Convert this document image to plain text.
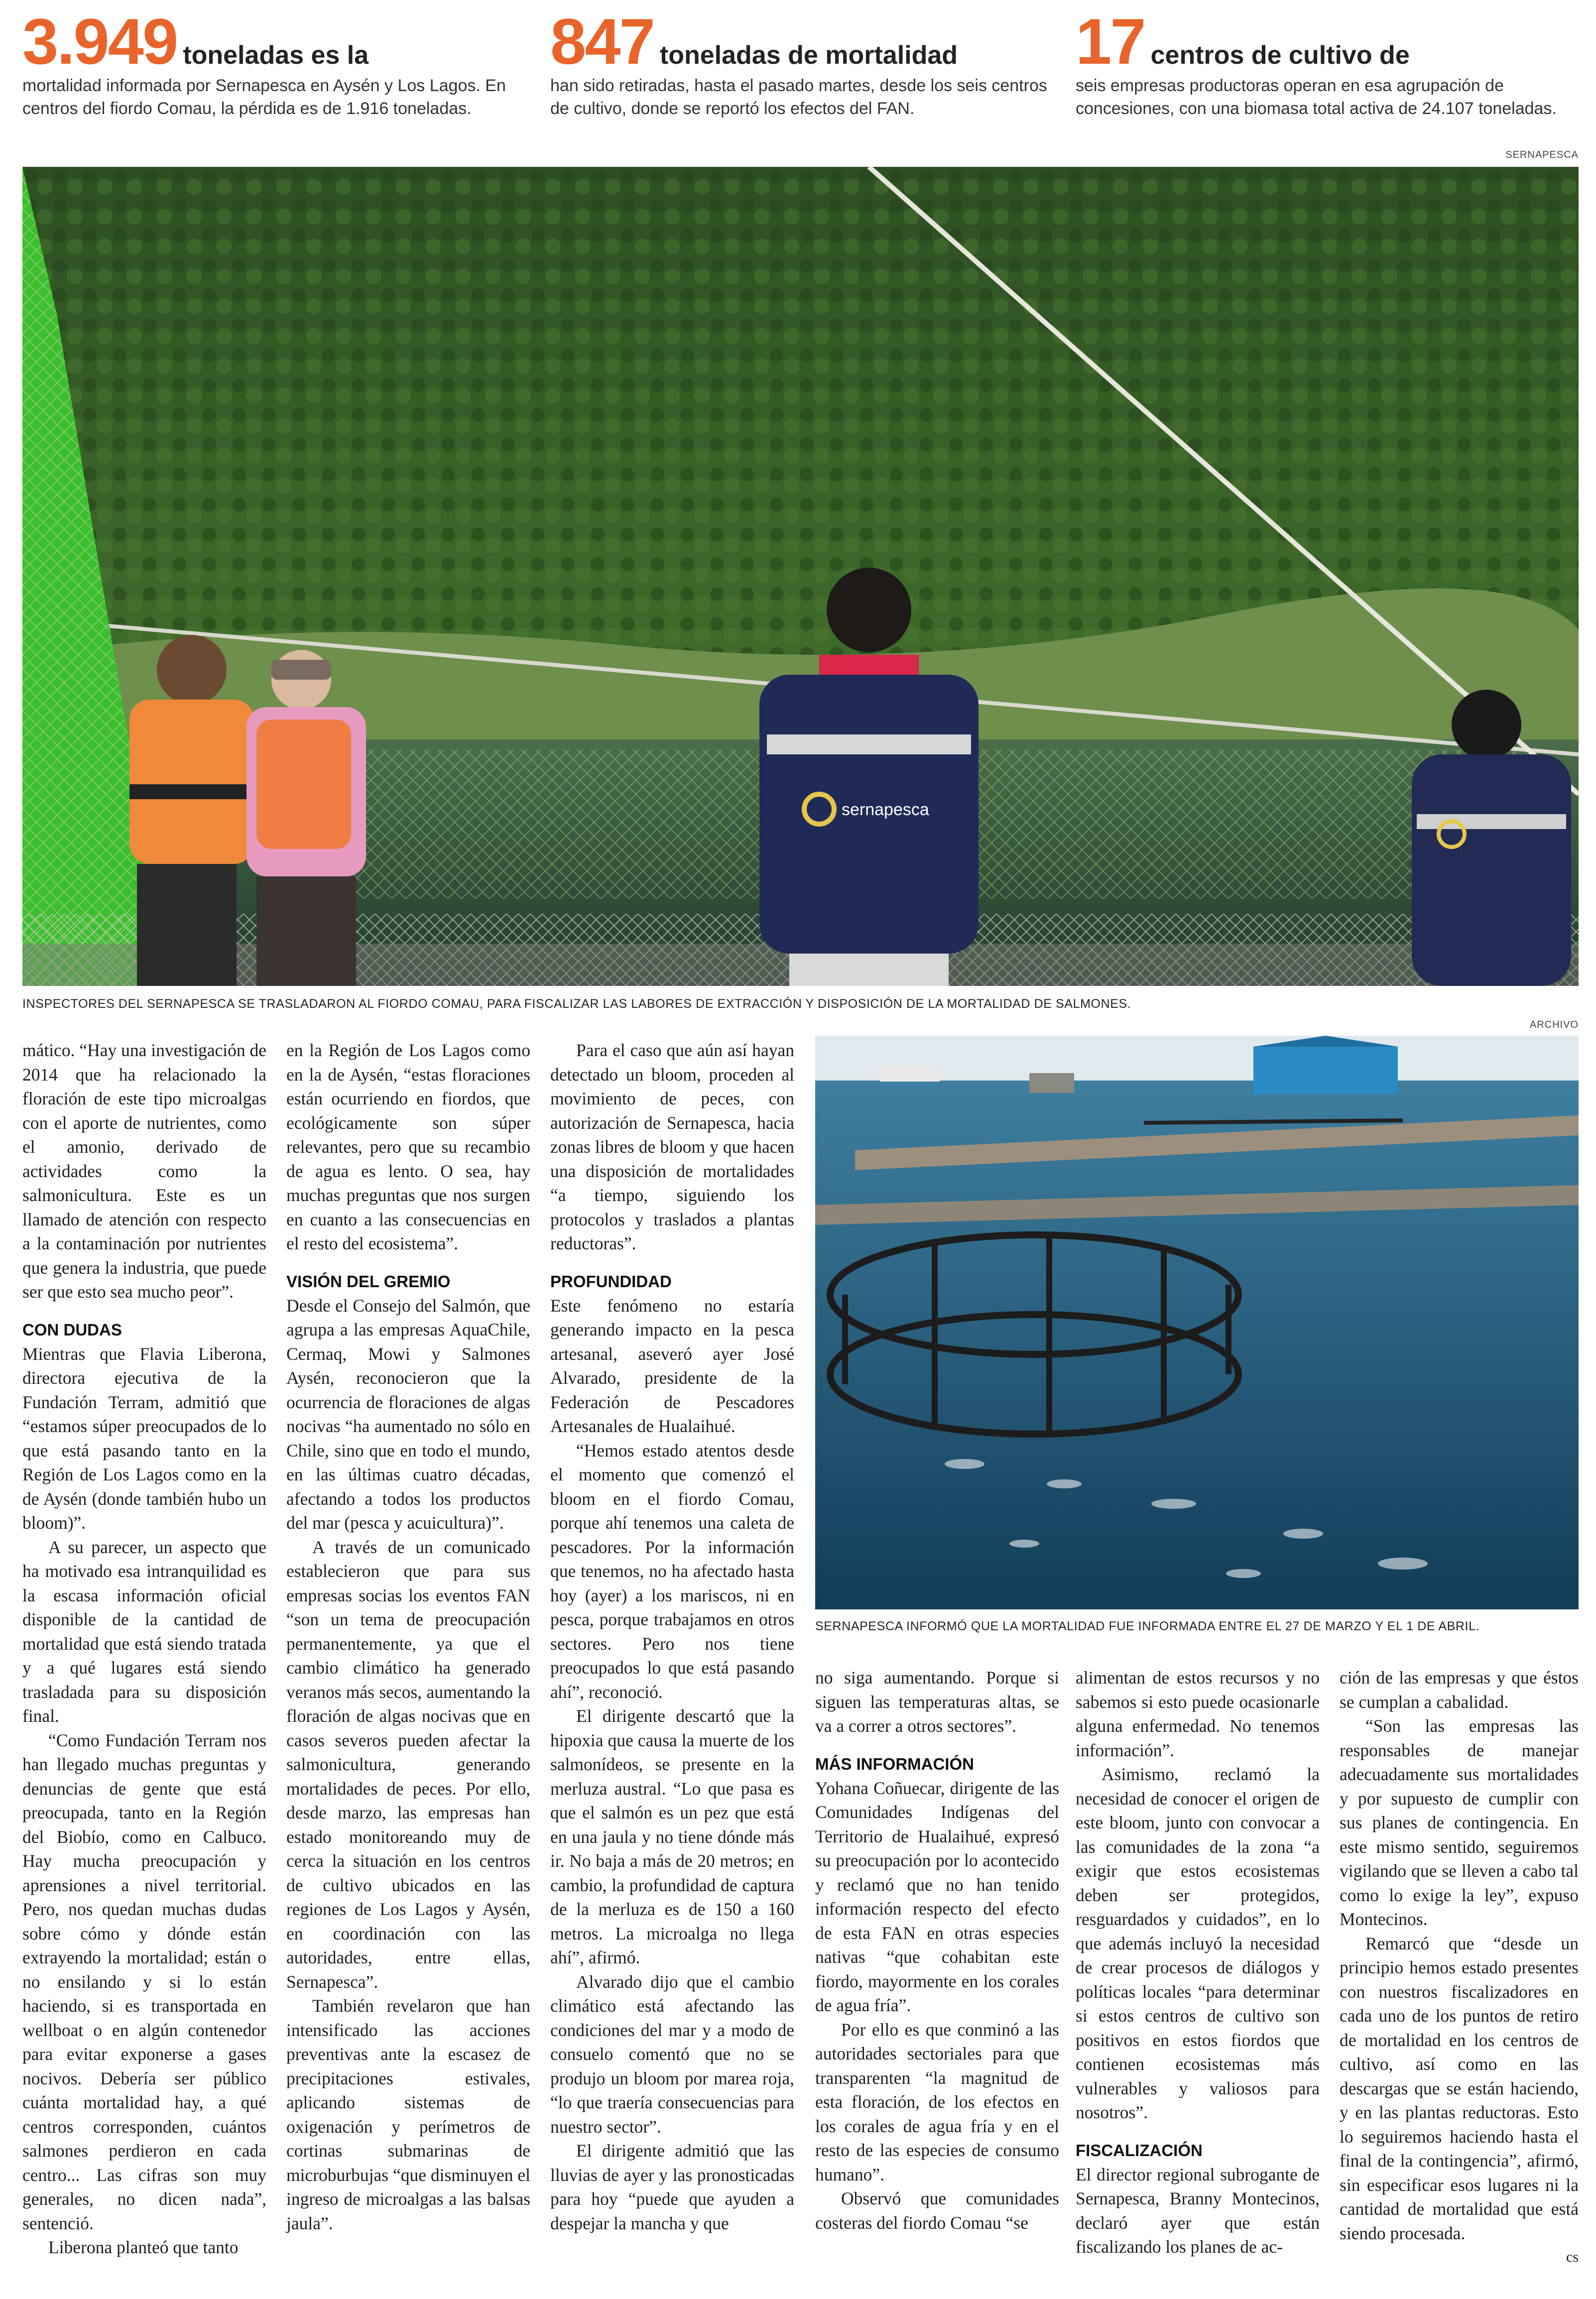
3.949 toneladas es la
mortalidad informada por Sernapesca en Aysén y Los Lagos. En centros del fiordo Comau, la pérdida es de 1.916 toneladas.
847 toneladas de mortalidad
han sido retiradas, hasta el pasado martes, desde los seis centros de cultivo, donde se reportó los efectos del FAN.
17 centros de cultivo de
seis empresas productoras operan en esa agrupación de concesiones, con una biomasa total activa de 24.107 toneladas.
SERNAPESCA
sernapesca
INSPECTORES DEL SERNAPESCA SE TRASLADARON AL FIORDO COMAU, PARA FISCALIZAR LAS LABORES DE EXTRACCIÓN Y DISPOSICIÓN DE LA MORTALIDAD DE SALMONES.
ARCHIVO
SERNAPESCA INFORMÓ QUE LA MORTALIDAD FUE INFORMADA ENTRE EL 27 DE MARZO Y EL 1 DE ABRIL.

mático. “Hay una investigación de 2014 que ha relacionado la floración de este tipo microalgas con el aporte de nutrientes, como el amonio, derivado de actividades como la salmonicultura. Este es un llamado de atención con respecto a la contaminación por nutrientes que genera la industria, que puede ser que esto sea mucho peor”.

CON DUDAS

Mientras que Flavia Liberona, directora ejecutiva de la Fundación Terram, admitió que “estamos súper preocupados de lo que está pasando tanto en la Región de Los Lagos como en la de Aysén (donde también hubo un bloom)”.

A su parecer, un aspecto que ha motivado esa intranquilidad es la escasa información oficial disponible de la cantidad de mortalidad que está siendo tratada y a qué lugares está siendo trasladada para su disposición final.

“Como Fundación Terram nos han llegado muchas preguntas y denuncias de gente que está preocupada, tanto en la Región del Biobío, como en Calbuco. Hay mucha preocupación y aprensiones a nivel territorial. Pero, nos quedan muchas dudas sobre cómo y dónde están extrayendo la mortalidad; están o no ensilando y si lo están haciendo, si es transportada en wellboat o en algún contenedor para evitar exponerse a gases nocivos. Debería ser público cuánta mortalidad hay, a qué centros corresponden, cuántos salmones perdieron en cada centro... Las cifras son muy generales, no dicen nada”, sentenció.

Liberona planteó que tanto

en la Región de Los Lagos como en la de Aysén, “estas floraciones están ocurriendo en fiordos, que ecológicamente son súper relevantes, pero que su recambio de agua es lento. O sea, hay muchas preguntas que nos surgen en cuanto a las consecuencias en el resto del ecosistema”.

VISIÓN DEL GREMIO

Desde el Consejo del Salmón, que agrupa a las empresas AquaChile, Cermaq, Mowi y Salmones Aysén, reconocieron que la ocurrencia de floraciones de algas nocivas “ha aumentado no sólo en Chile, sino que en todo el mundo, en las últimas cuatro décadas, afectando a todos los productos del mar (pesca y acuicultura)”.

A través de un comunicado establecieron que para sus empresas socias los eventos FAN “son un tema de preocupación permanentemente, ya que el cambio climático ha generado veranos más secos, aumentando la floración de algas nocivas que en casos severos pueden afectar la salmonicultura, generando mortalidades de peces. Por ello, desde marzo, las empresas han estado monitoreando muy de cerca la situación en los centros de cultivo ubicados en las regiones de Los Lagos y Aysén, en coordinación con las autoridades, entre ellas, Sernapesca”.

También revelaron que han intensificado las acciones preventivas ante la escasez de precipitaciones estivales, aplicando sistemas de oxigenación y perímetros de cortinas submarinas de microburbujas “que disminuyen el ingreso de microalgas a las balsas jaula”.

Para el caso que aún así hayan detectado un bloom, proceden al movimiento de peces, con autorización de Sernapesca, hacia zonas libres de bloom y que hacen una disposición de mortalidades “a tiempo, siguiendo los protocolos y traslados a plantas reductoras”.

PROFUNDIDAD

Este fenómeno no estaría generando impacto en la pesca artesanal, aseveró ayer José Alvarado, presidente de la Federación de Pescadores Artesanales de Hualaihué.

“Hemos estado atentos desde el momento que comenzó el bloom en el fiordo Comau, porque ahí tenemos una caleta de pescadores. Por la información que tenemos, no ha afectado hasta hoy (ayer) a los mariscos, ni en pesca, porque trabajamos en otros sectores. Pero nos tiene preocupados lo que está pasando ahí”, reconoció.

El dirigente descartó que la hipoxia que causa la muerte de los salmonídeos, se presente en la merluza austral. “Lo que pasa es que el salmón es un pez que está en una jaula y no tiene dónde más ir. No baja a más de 20 metros; en cambio, la profundidad de captura de la merluza es de 150 a 160 metros. La microalga no llega ahí”, afirmó.

Alvarado dijo que el cambio climático está afectando las condiciones del mar y a modo de consuelo comentó que no se produjo un bloom por marea roja, “lo que traería consecuencias para nuestro sector”.

El dirigente admitió que las lluvias de ayer y las pronosticadas para hoy “puede que ayuden a despejar la mancha y que

no siga aumentando. Porque si siguen las temperaturas altas, se va a correr a otros sectores”.

MÁS INFORMACIÓN

Yohana Coñuecar, dirigente de las Comunidades Indígenas del Territorio de Hualaihué, expresó su preocupación por lo acontecido y reclamó que no han tenido información respecto del efecto de esta FAN en otras especies nativas “que cohabitan este fiordo, mayormente en los corales de agua fría”.

Por ello es que conminó a las autoridades sectoriales para que transparenten “la magnitud de esta floración, de los efectos en los corales de agua fría y en el resto de las especies de consumo humano”.

Observó que comunidades costeras del fiordo Comau “se

alimentan de estos recursos y no sabemos si esto puede ocasionarle alguna enfermedad. No tenemos información”.

Asimismo, reclamó la necesidad de conocer el origen de este bloom, junto con convocar a las comunidades de la zona “a exigir que estos ecosistemas deben ser protegidos, resguardados y cuidados”, en lo que además incluyó la necesidad de crear procesos de diálogos y políticas locales “para determinar si estos centros de cultivo son positivos en estos fiordos que contienen ecosistemas más vulnerables y valiosos para nosotros”.

FISCALIZACIÓN

El director regional subrogante de Sernapesca, Branny Montecinos, declaró ayer que están fiscalizando los planes de ac-

ción de las empresas y que éstos se cumplan a cabalidad.

“Son las empresas las responsables de manejar adecuadamente sus mortalidades y por supuesto de cumplir con sus planes de contingencia. En este mismo sentido, seguiremos vigilando que se lleven a cabo tal como lo exige la ley”, expuso Montecinos.

Remarcó que “desde un principio hemos estado presentes con nuestros fiscalizadores en cada uno de los puntos de retiro de mortalidad en los centros de cultivo, así como en las descargas que se están haciendo, y en las plantas reductoras. Esto lo seguiremos haciendo hasta el final de la contingencia”, afirmó, sin especificar esos lugares ni la cantidad de mortalidad que está siendo procesada.

cs
